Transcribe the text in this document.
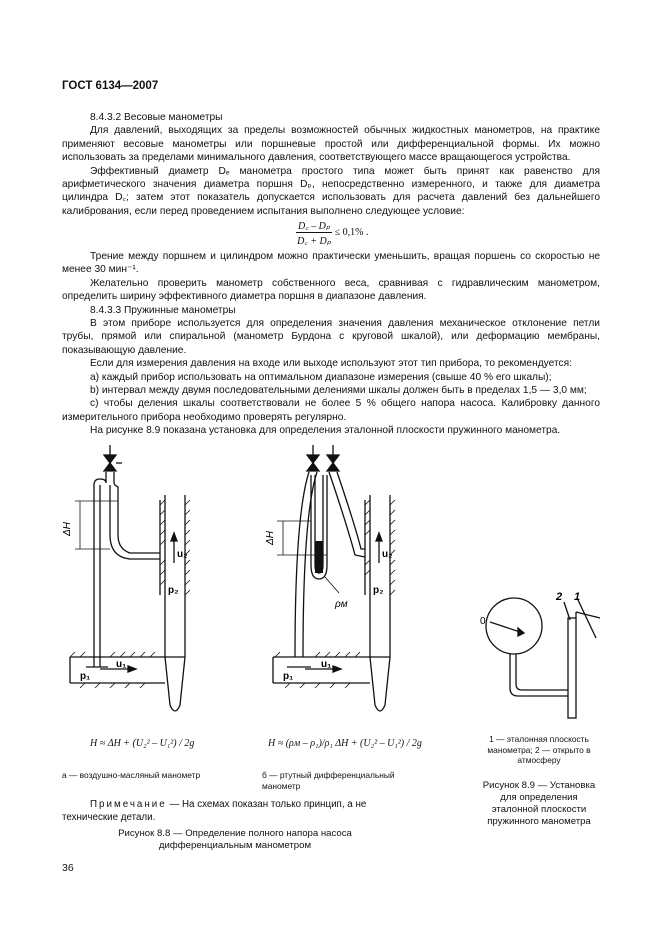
ГОСТ 6134—2007

8.4.3.2 Весовые манометры

Для давлений, выходящих за пределы возможностей обычных жидкостных манометров, на практике применяют весовые манометры или поршневые простой или дифференциальной формы. Их можно использовать за пределами минимального давления, соответствующего массе вращающегося устройства.

Эффективный диаметр Dₑ манометра простого типа может быть принят как равенство для арифметического значения диаметра поршня Dₚ, непосредственно измеренного, и также для диаметра цилиндра D꜀; затем этот показатель допускается использовать для расчета давлений без дальнейшего калибрования, если перед проведением испытания выполнено следующее условие:

$\frac{\text{D꜀ – Dₚ}}{\text{D꜀ + Dₚ}} \le 0,1\%$ .

Трение между поршнем и цилиндром можно практически уменьшить, вращая поршень со скоростью не менее 30 мин⁻¹.

Желательно проверить манометр собственного веса, сравнивая с гидравлическим манометром, определить ширину эффективного диаметра поршня в диапазоне давления.

8.4.3.3 Пружинные манометры

В этом приборе используется для определения значения давления механическое отклонение петли трубы, прямой или спиральной (манометр Бурдона с круговой шкалой), или деформацию мембраны, показывающую давление.

Если для измерения давления на входе или выходе используют этот тип прибора, то рекомендуется:

а) каждый прибор использовать на оптимальном диапазоне измерения (свыше 40 % его шкалы);

b) интервал между двумя последовательными делениями шкалы должен быть в пределах 1,5 — 3,0 мм;

с) чтобы деления шкалы соответствовали не более 5 % общего напора насоса. Калибровку данного измерительного прибора необходимо проверять регулярно.

На рисунке 8.9 показана установка для определения эталонной плоскости пружинного манометра.

ΔH
u₂
p₂
p₁
u₁
ΔH
u₂
p₂
ρм
p₁
u₁
0
2 1
H ≈ ΔH + (U₂² – U₁²) / 2g	H ≈ (ρм – ρ₁)/ρ₁ ΔH + (U₂² – U₁²) / 2g
а — воздушно-масляный манометр	б — ртутный дифференциальный манометр
1 — эталонная плоскость манометра; 2 — открыто в атмосферу
Рисунок 8.9 — Установка для определения эталонной плоскости пружинного манометра
Примечание — На схемах показан только принцип, а не технические детали.
Рисунок 8.8 — Определение полного напора насоса дифференциальным манометром
36
